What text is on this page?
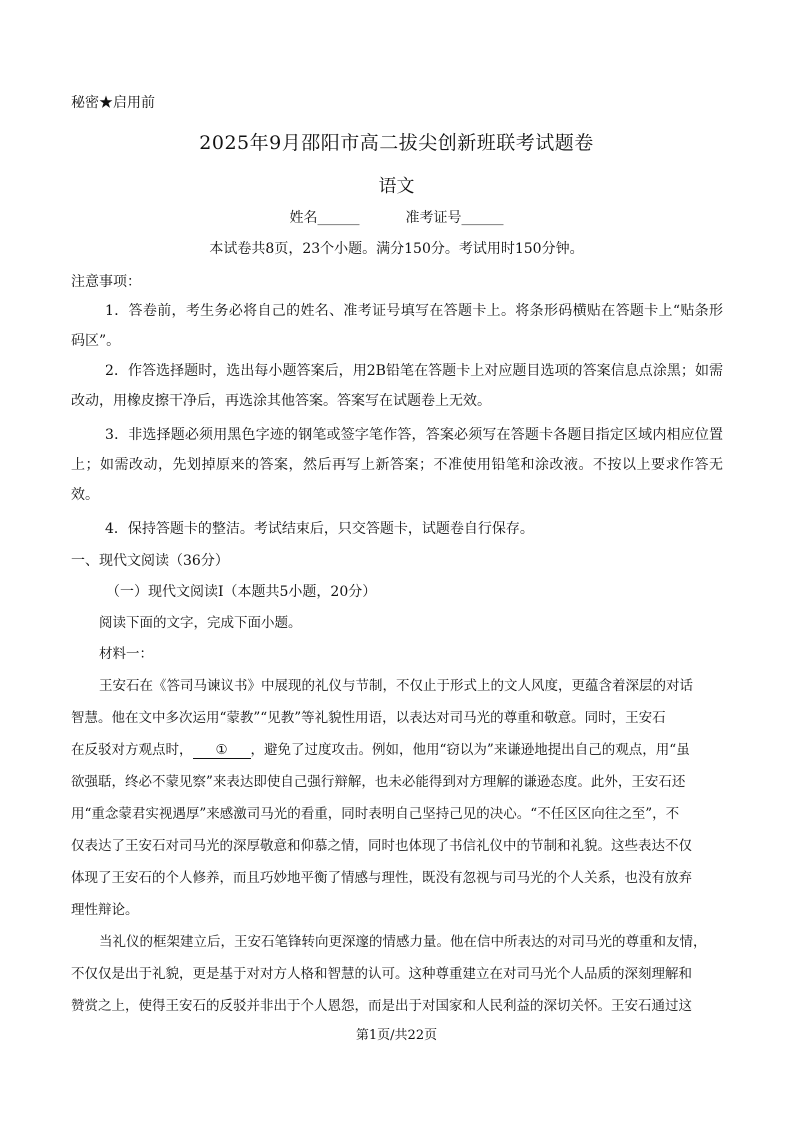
秘密★启用前
2025年9月邵阳市高二拔尖创新班联考试题卷
语文
姓名______	准考证号______
本试卷共8页，23个小题。满分150分。考试用时150分钟。
注意事项：
1．答卷前，考生务必将自己的姓名、准考证号填写在答题卡上。将条形码横贴在答题卡上“贴条形码区”。
2．作答选择题时，选出每小题答案后，用2B铅笔在答题卡上对应题目选项的答案信息点涂黑；如需改动，用橡皮擦干净后，再选涂其他答案。答案写在试题卷上无效。
3．非选择题必须用黑色字迹的钢笔或签字笔作答，答案必须写在答题卡各题目指定区域内相应位置上；如需改动，先划掉原来的答案，然后再写上新答案；不准使用铅笔和涂改液。不按以上要求作答无效。
4．保持答题卡的整洁。考试结束后，只交答题卡，试题卷自行保存。
一、现代文阅读（36分）
（一）现代文阅读Ⅰ（本题共5小题，20分）
阅读下面的文字，完成下面小题。
材料一：
王安石在《答司马谏议书》中展现的礼仪与节制，不仅止于形式上的文人风度，更蕴含着深层的对话
智慧。他在文中多次运用“蒙教”“见教”等礼貌性用语，以表达对司马光的尊重和敬意。同时，王安石
在反驳对方观点时， ① ，避免了过度攻击。例如，他用“窃以为”来谦逊地提出自己的观点，用“虽
欲强聒，终必不蒙见察”来表达即使自己强行辩解，也未必能得到对方理解的谦逊态度。此外，王安石还
用“重念蒙君实视遇厚”来感激司马光的看重，同时表明自己坚持己见的决心。“不任区区向往之至”，不
仅表达了王安石对司马光的深厚敬意和仰慕之情，同时也体现了书信礼仪中的节制和礼貌。这些表达不仅
体现了王安石的个人修养，而且巧妙地平衡了情感与理性，既没有忽视与司马光的个人关系，也没有放弃
理性辩论。
当礼仪的框架建立后，王安石笔锋转向更深邃的情感力量。他在信中所表达的对司马光的尊重和友情，
不仅仅是出于礼貌，更是基于对对方人格和智慧的认可。这种尊重建立在对司马光个人品质的深刻理解和
赞赏之上，使得王安石的反驳并非出于个人恩怨，而是出于对国家和人民利益的深切关怀。王安石通过这
第1页/共22页
